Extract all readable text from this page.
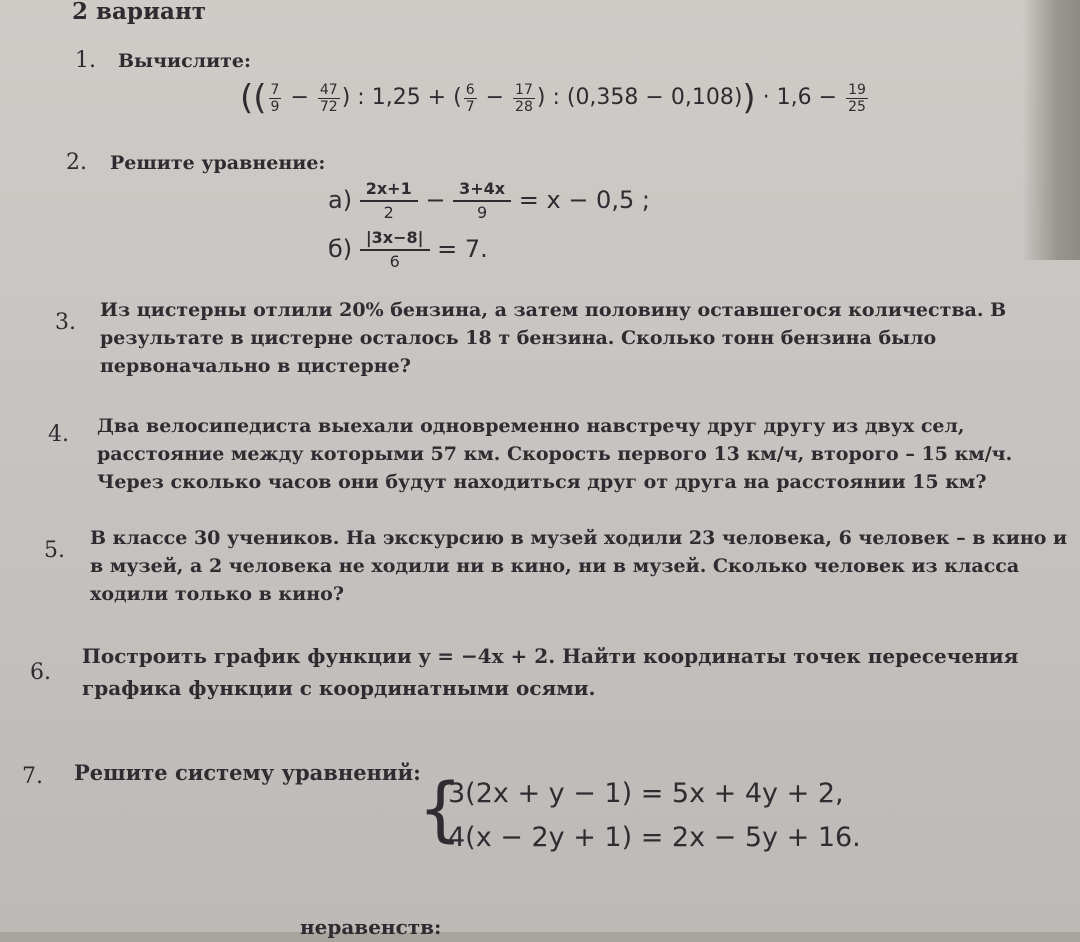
2 вариант
1. Вычислите:
(( $\frac{7}{9} - \frac{47}{72}$ ) : 1,25 + ( $\frac{6}{7} - \frac{17}{28}$ ) : $(0,358 - 0,108)) \cdot 1,6 - \frac{19}{25}$
2. Решите уравнение:
$а) \frac{2x+1}{2} - \frac{3+4x}{9} = x - 0,5$ ;
$б) \frac{|3x-8|}{6} = 7$.
3. Из цистерны отлили 20% бензина, а затем половину оставшегося количества. В
результате в цистерне осталось 18 т бензина. Сколько тонн бензина было
первоначально в цистерне?
4. Два велосипедиста выехали одновременно навстречу друг другу из двух сел,
расстояние между которыми 57 км. Скорость первого 13 км/ч, второго – 15 км/ч.
Через сколько часов они будут находиться друг от друга на расстоянии 15 км?
5. В классе 30 учеников. На экскурсию в музей ходили 23 человека, 6 человек – в кино и
в музей, а 2 человека не ходили ни в кино, ни в музей. Сколько человек из класса
ходили только в кино?
6.
Построить график функции y = −4x + 2. Найти координаты точек пересечения
графика функции с координатными осями.
7. Решите систему уравнений:
{
3(2x + y − 1) = 5x + 4y + 2,
4(x − 2y + 1) = 2x − 5y + 16.
неравенств:
